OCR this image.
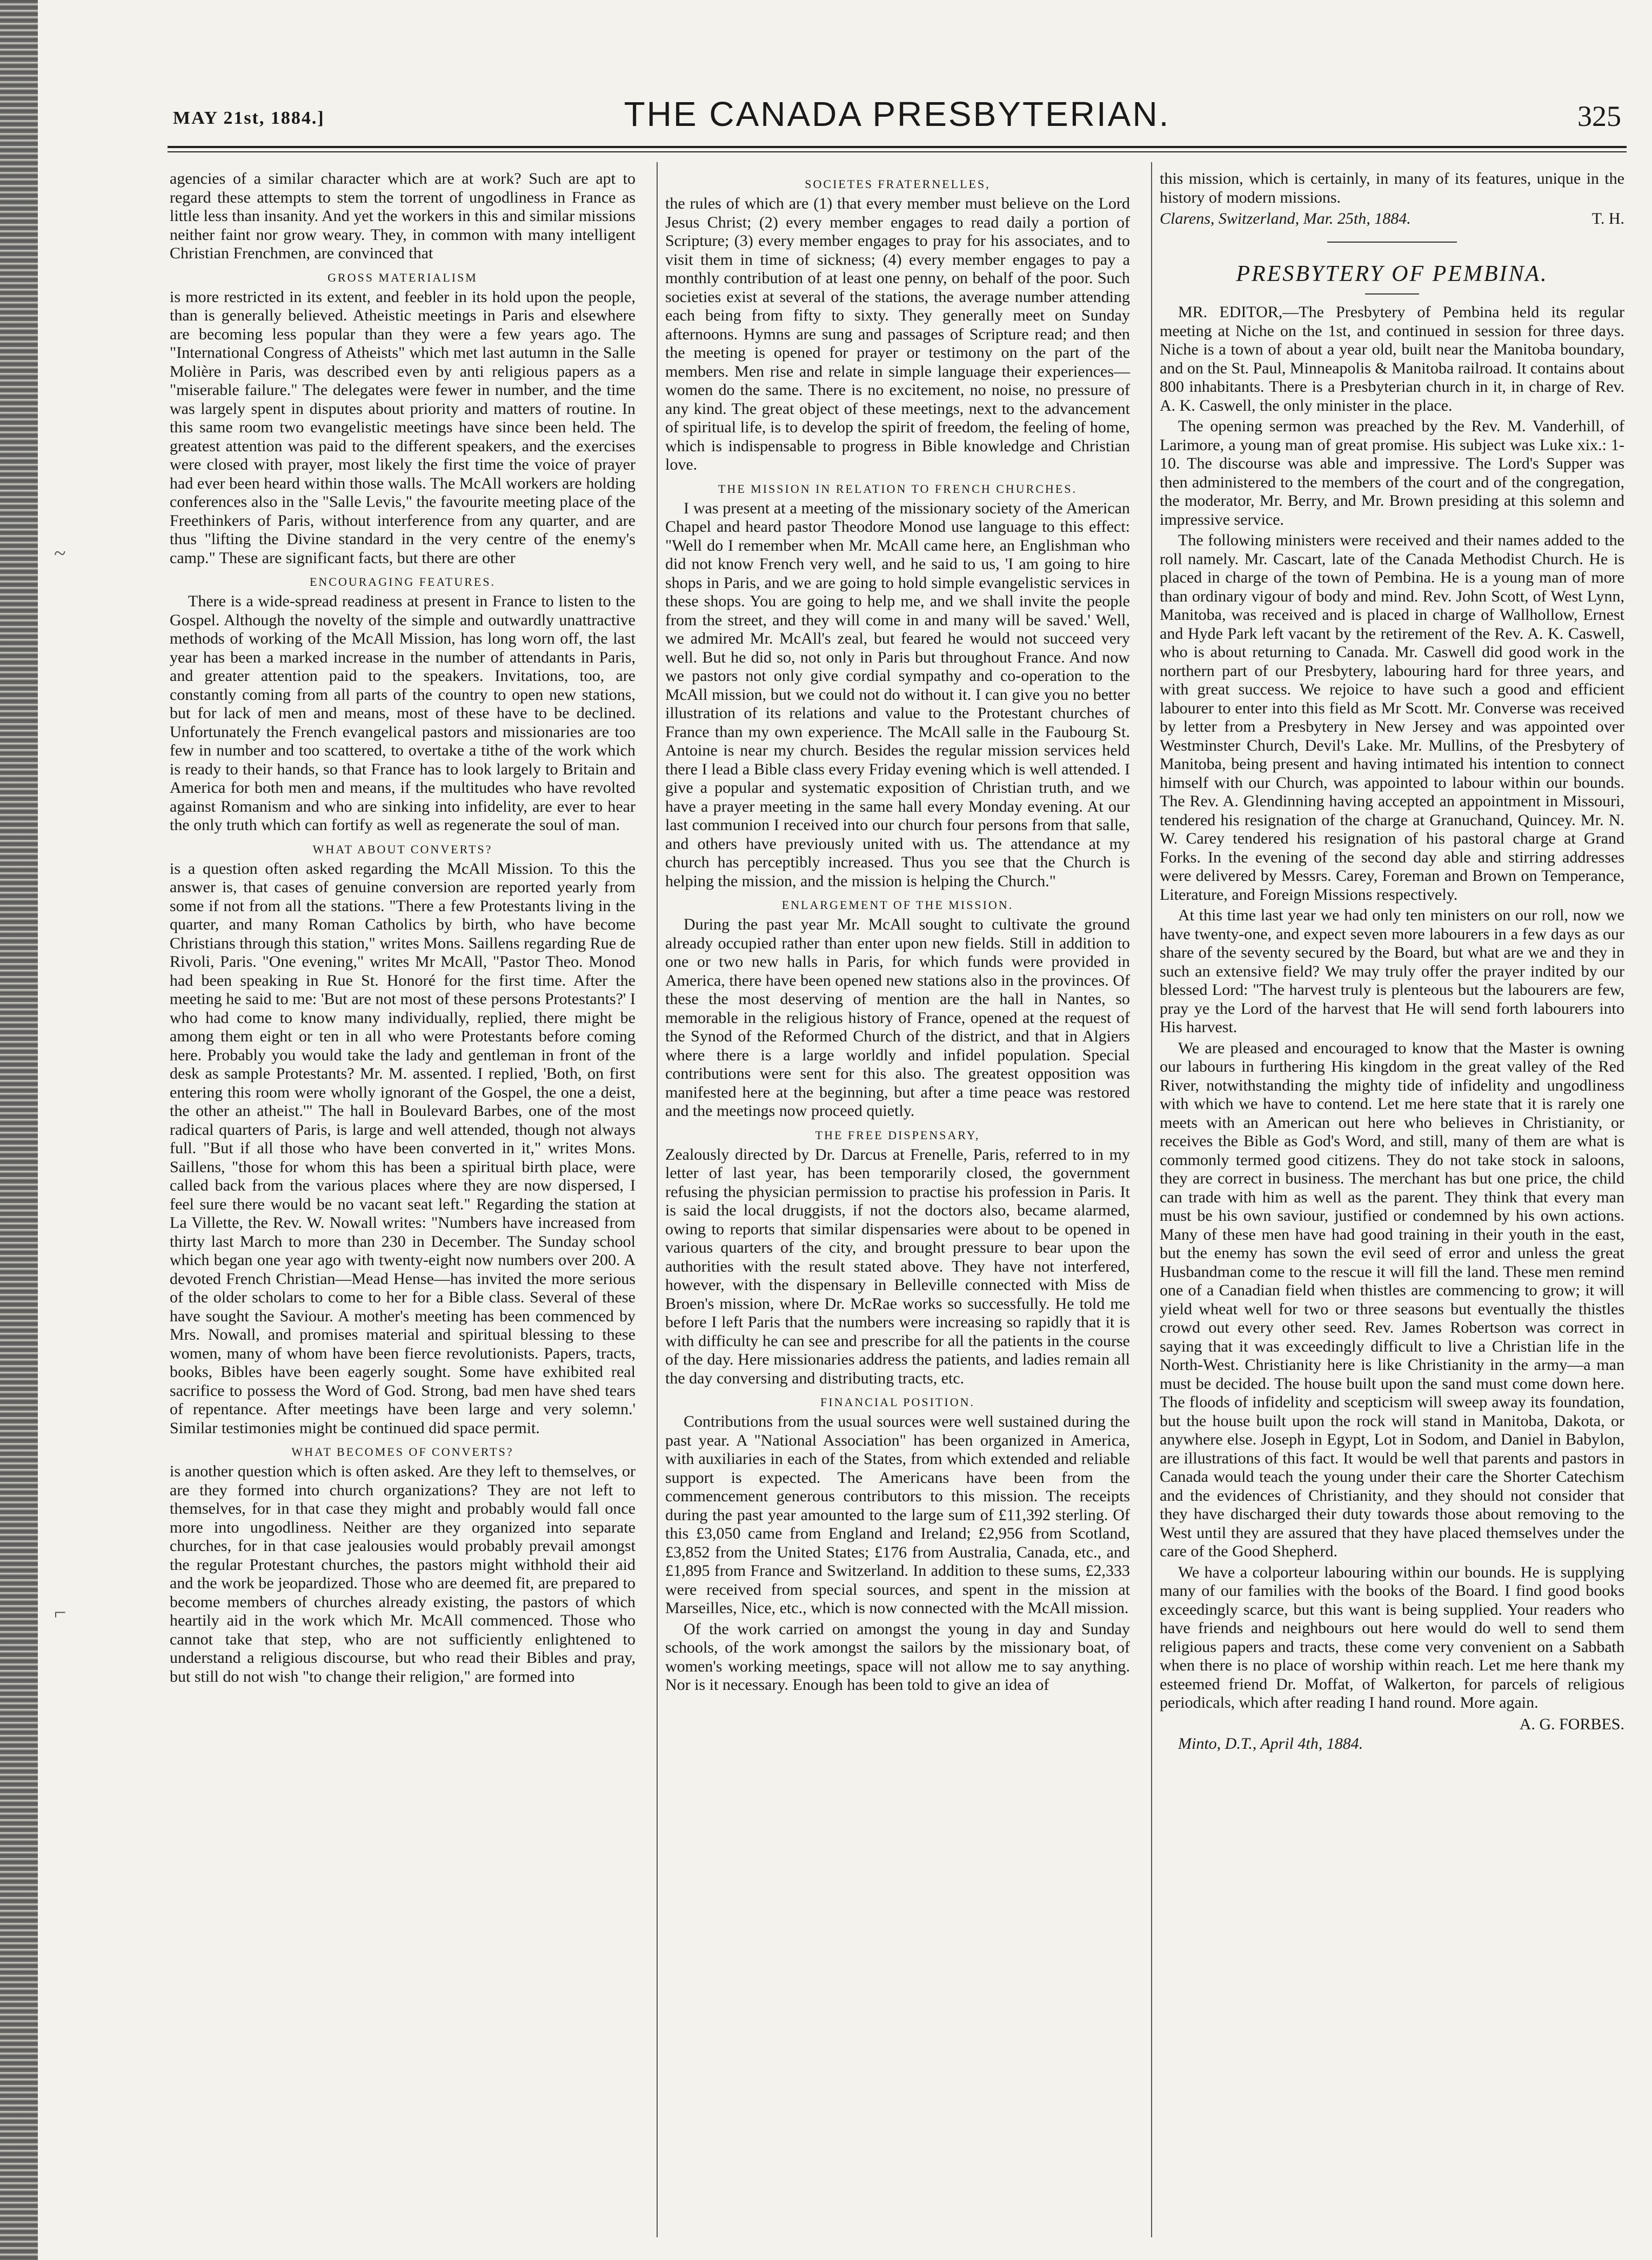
~
⌐
MAY 21st, 1884.]	THE CANADA PRESBYTERIAN.	325

agencies of a similar character which are at work? Such are apt to regard these attempts to stem the torrent of ungodliness in France as little less than insanity. And yet the workers in this and similar missions neither faint nor grow weary. They, in common with many intelligent Christian Frenchmen, are convinced that

GROSS MATERIALISM

is more restricted in its extent, and feebler in its hold upon the people, than is generally believed. Atheistic meetings in Paris and elsewhere are becoming less popular than they were a few years ago. The "International Congress of Atheists" which met last autumn in the Salle Molière in Paris, was described even by anti religious papers as a "miserable failure." The delegates were fewer in number, and the time was largely spent in disputes about priority and matters of routine. In this same room two evangelistic meetings have since been held. The greatest attention was paid to the different speakers, and the exercises were closed with prayer, most likely the first time the voice of prayer had ever been heard within those walls. The McAll workers are holding conferences also in the "Salle Levis," the favourite meeting place of the Freethinkers of Paris, without interference from any quarter, and are thus "lifting the Divine standard in the very centre of the enemy's camp." These are significant facts, but there are other

ENCOURAGING FEATURES.

There is a wide-spread readiness at present in France to listen to the Gospel. Although the novelty of the simple and outwardly unattractive methods of working of the McAll Mission, has long worn off, the last year has been a marked increase in the number of attendants in Paris, and greater attention paid to the speakers. Invitations, too, are constantly coming from all parts of the country to open new stations, but for lack of men and means, most of these have to be declined. Unfortunately the French evangelical pastors and missionaries are too few in number and too scattered, to overtake a tithe of the work which is ready to their hands, so that France has to look largely to Britain and America for both men and means, if the multitudes who have revolted against Romanism and who are sinking into infidelity, are ever to hear the only truth which can fortify as well as regenerate the soul of man.

WHAT ABOUT CONVERTS?

is a question often asked regarding the McAll Mission. To this the answer is, that cases of genuine conversion are reported yearly from some if not from all the stations. "There a few Protestants living in the quarter, and many Roman Catholics by birth, who have become Christians through this station," writes Mons. Saillens regarding Rue de Rivoli, Paris. "One evening," writes Mr McAll, "Pastor Theo. Monod had been speaking in Rue St. Honoré for the first time. After the meeting he said to me: 'But are not most of these persons Protestants?' I who had come to know many individually, replied, there might be among them eight or ten in all who were Protestants before coming here. Probably you would take the lady and gentleman in front of the desk as sample Protestants? Mr. M. assented. I replied, 'Both, on first entering this room were wholly ignorant of the Gospel, the one a deist, the other an atheist.'" The hall in Boulevard Barbes, one of the most radical quarters of Paris, is large and well attended, though not always full. "But if all those who have been converted in it," writes Mons. Saillens, "those for whom this has been a spiritual birth place, were called back from the various places where they are now dispersed, I feel sure there would be no vacant seat left." Regarding the station at La Villette, the Rev. W. Nowall writes: "Numbers have increased from thirty last March to more than 230 in December. The Sunday school which began one year ago with twenty-eight now numbers over 200. A devoted French Christian—Mead Hense—has invited the more serious of the older scholars to come to her for a Bible class. Several of these have sought the Saviour. A mother's meeting has been commenced by Mrs. Nowall, and promises material and spiritual blessing to these women, many of whom have been fierce revolutionists. Papers, tracts, books, Bibles have been eagerly sought. Some have exhibited real sacrifice to possess the Word of God. Strong, bad men have shed tears of repentance. After meetings have been large and very solemn.' Similar testimonies might be continued did space permit.

WHAT BECOMES OF CONVERTS?

is another question which is often asked. Are they left to themselves, or are they formed into church organizations? They are not left to themselves, for in that case they might and probably would fall once more into ungodliness. Neither are they organized into separate churches, for in that case jealousies would probably prevail amongst the regular Protestant churches, the pastors might withhold their aid and the work be jeopardized. Those who are deemed fit, are prepared to become members of churches already existing, the pastors of which heartily aid in the work which Mr. McAll commenced. Those who cannot take that step, who are not sufficiently enlightened to understand a religious discourse, but who read their Bibles and pray, but still do not wish "to change their religion," are formed into

SOCIETES FRATERNELLES,

the rules of which are (1) that every member must believe on the Lord Jesus Christ; (2) every member engages to read daily a portion of Scripture; (3) every member engages to pray for his associates, and to visit them in time of sickness; (4) every member engages to pay a monthly contribution of at least one penny, on behalf of the poor. Such societies exist at several of the stations, the average number attending each being from fifty to sixty. They generally meet on Sunday afternoons. Hymns are sung and passages of Scripture read; and then the meeting is opened for prayer or testimony on the part of the members. Men rise and relate in simple language their experiences—women do the same. There is no excitement, no noise, no pressure of any kind. The great object of these meetings, next to the advancement of spiritual life, is to develop the spirit of freedom, the feeling of home, which is indispensable to progress in Bible knowledge and Christian love.

THE MISSION IN RELATION TO FRENCH CHURCHES.

I was present at a meeting of the missionary society of the American Chapel and heard pastor Theodore Monod use language to this effect: "Well do I remember when Mr. McAll came here, an Englishman who did not know French very well, and he said to us, 'I am going to hire shops in Paris, and we are going to hold simple evangelistic services in these shops. You are going to help me, and we shall invite the people from the street, and they will come in and many will be saved.' Well, we admired Mr. McAll's zeal, but feared he would not succeed very well. But he did so, not only in Paris but throughout France. And now we pastors not only give cordial sympathy and co-operation to the McAll mission, but we could not do without it. I can give you no better illustration of its relations and value to the Protestant churches of France than my own experience. The McAll salle in the Faubourg St. Antoine is near my church. Besides the regular mission services held there I lead a Bible class every Friday evening which is well attended. I give a popular and systematic exposition of Christian truth, and we have a prayer meeting in the same hall every Monday evening. At our last communion I received into our church four persons from that salle, and others have previously united with us. The attendance at my church has perceptibly increased. Thus you see that the Church is helping the mission, and the mission is helping the Church."

ENLARGEMENT OF THE MISSION.

During the past year Mr. McAll sought to cultivate the ground already occupied rather than enter upon new fields. Still in addition to one or two new halls in Paris, for which funds were provided in America, there have been opened new stations also in the provinces. Of these the most deserving of mention are the hall in Nantes, so memorable in the religious history of France, opened at the request of the Synod of the Reformed Church of the district, and that in Algiers where there is a large worldly and infidel population. Special contributions were sent for this also. The greatest opposition was manifested here at the beginning, but after a time peace was restored and the meetings now proceed quietly.

THE FREE DISPENSARY,

Zealously directed by Dr. Darcus at Frenelle, Paris, referred to in my letter of last year, has been temporarily closed, the government refusing the physician permission to practise his profession in Paris. It is said the local druggists, if not the doctors also, became alarmed, owing to reports that similar dispensaries were about to be opened in various quarters of the city, and brought pressure to bear upon the authorities with the result stated above. They have not interfered, however, with the dispensary in Belleville connected with Miss de Broen's mission, where Dr. McRae works so successfully. He told me before I left Paris that the numbers were increasing so rapidly that it is with difficulty he can see and prescribe for all the patients in the course of the day. Here missionaries address the patients, and ladies remain all the day conversing and distributing tracts, etc.

FINANCIAL POSITION.

Contributions from the usual sources were well sustained during the past year. A "National Association" has been organized in America, with auxiliaries in each of the States, from which extended and reliable support is expected. The Americans have been from the commencement generous contributors to this mission. The receipts during the past year amounted to the large sum of £11,392 sterling. Of this £3,050 came from England and Ireland; £2,956 from Scotland, £3,852 from the United States; £176 from Australia, Canada, etc., and £1,895 from France and Switzerland. In addition to these sums, £2,333 were received from special sources, and spent in the mission at Marseilles, Nice, etc., which is now connected with the McAll mission.

Of the work carried on amongst the young in day and Sunday schools, of the work amongst the sailors by the missionary boat, of women's working meetings, space will not allow me to say anything. Nor is it necessary. Enough has been told to give an idea of

this mission, which is certainly, in many of its features, unique in the history of modern missions.

Clarens, Switzerland, Mar. 25th, 1884.	T. H.
PRESBYTERY OF PEMBINA.

MR. EDITOR,—The Presbytery of Pembina held its regular meeting at Niche on the 1st, and continued in session for three days. Niche is a town of about a year old, built near the Manitoba boundary, and on the St. Paul, Minneapolis & Manitoba railroad. It contains about 800 inhabitants. There is a Presbyterian church in it, in charge of Rev. A. K. Caswell, the only minister in the place.

The opening sermon was preached by the Rev. M. Vanderhill, of Larimore, a young man of great promise. His subject was Luke xix.: 1-10. The discourse was able and impressive. The Lord's Supper was then administered to the members of the court and of the congregation, the moderator, Mr. Berry, and Mr. Brown presiding at this solemn and impressive service.

The following ministers were received and their names added to the roll namely. Mr. Cascart, late of the Canada Methodist Church. He is placed in charge of the town of Pembina. He is a young man of more than ordinary vigour of body and mind. Rev. John Scott, of West Lynn, Manitoba, was received and is placed in charge of Wallhollow, Ernest and Hyde Park left vacant by the retirement of the Rev. A. K. Caswell, who is about returning to Canada. Mr. Caswell did good work in the northern part of our Presbytery, labouring hard for three years, and with great success. We rejoice to have such a good and efficient labourer to enter into this field as Mr Scott. Mr. Converse was received by letter from a Presbytery in New Jersey and was appointed over Westminster Church, Devil's Lake. Mr. Mullins, of the Presbytery of Manitoba, being present and having intimated his intention to connect himself with our Church, was appointed to labour within our bounds. The Rev. A. Glendinning having accepted an appointment in Missouri, tendered his resignation of the charge at Granuchand, Quincey. Mr. N. W. Carey tendered his resignation of his pastoral charge at Grand Forks. In the evening of the second day able and stirring addresses were delivered by Messrs. Carey, Foreman and Brown on Temperance, Literature, and Foreign Missions respectively.

At this time last year we had only ten ministers on our roll, now we have twenty-one, and expect seven more labourers in a few days as our share of the seventy secured by the Board, but what are we and they in such an extensive field? We may truly offer the prayer indited by our blessed Lord: "The harvest truly is plenteous but the labourers are few, pray ye the Lord of the harvest that He will send forth labourers into His harvest.

We are pleased and encouraged to know that the Master is owning our labours in furthering His kingdom in the great valley of the Red River, notwithstanding the mighty tide of infidelity and ungodliness with which we have to contend. Let me here state that it is rarely one meets with an American out here who believes in Christianity, or receives the Bible as God's Word, and still, many of them are what is commonly termed good citizens. They do not take stock in saloons, they are correct in business. The merchant has but one price, the child can trade with him as well as the parent. They think that every man must be his own saviour, justified or condemned by his own actions. Many of these men have had good training in their youth in the east, but the enemy has sown the evil seed of error and unless the great Husbandman come to the rescue it will fill the land. These men remind one of a Canadian field when thistles are commencing to grow; it will yield wheat well for two or three seasons but eventually the thistles crowd out every other seed. Rev. James Robertson was correct in saying that it was exceedingly difficult to live a Christian life in the North-West. Christianity here is like Christianity in the army—a man must be decided. The house built upon the sand must come down here. The floods of infidelity and scepticism will sweep away its foundation, but the house built upon the rock will stand in Manitoba, Dakota, or anywhere else. Joseph in Egypt, Lot in Sodom, and Daniel in Babylon, are illustrations of this fact. It would be well that parents and pastors in Canada would teach the young under their care the Shorter Catechism and the evidences of Christianity, and they should not consider that they have discharged their duty towards those about removing to the West until they are assured that they have placed themselves under the care of the Good Shepherd.

We have a colporteur labouring within our bounds. He is supplying many of our families with the books of the Board. I find good books exceedingly scarce, but this want is being supplied. Your readers who have friends and neighbours out here would do well to send them religious papers and tracts, these come very convenient on a Sabbath when there is no place of worship within reach. Let me here thank my esteemed friend Dr. Moffat, of Walkerton, for parcels of religious periodicals, which after reading I hand round. More again.

A. G. FORBES.
Minto, D.T., April 4th, 1884.
